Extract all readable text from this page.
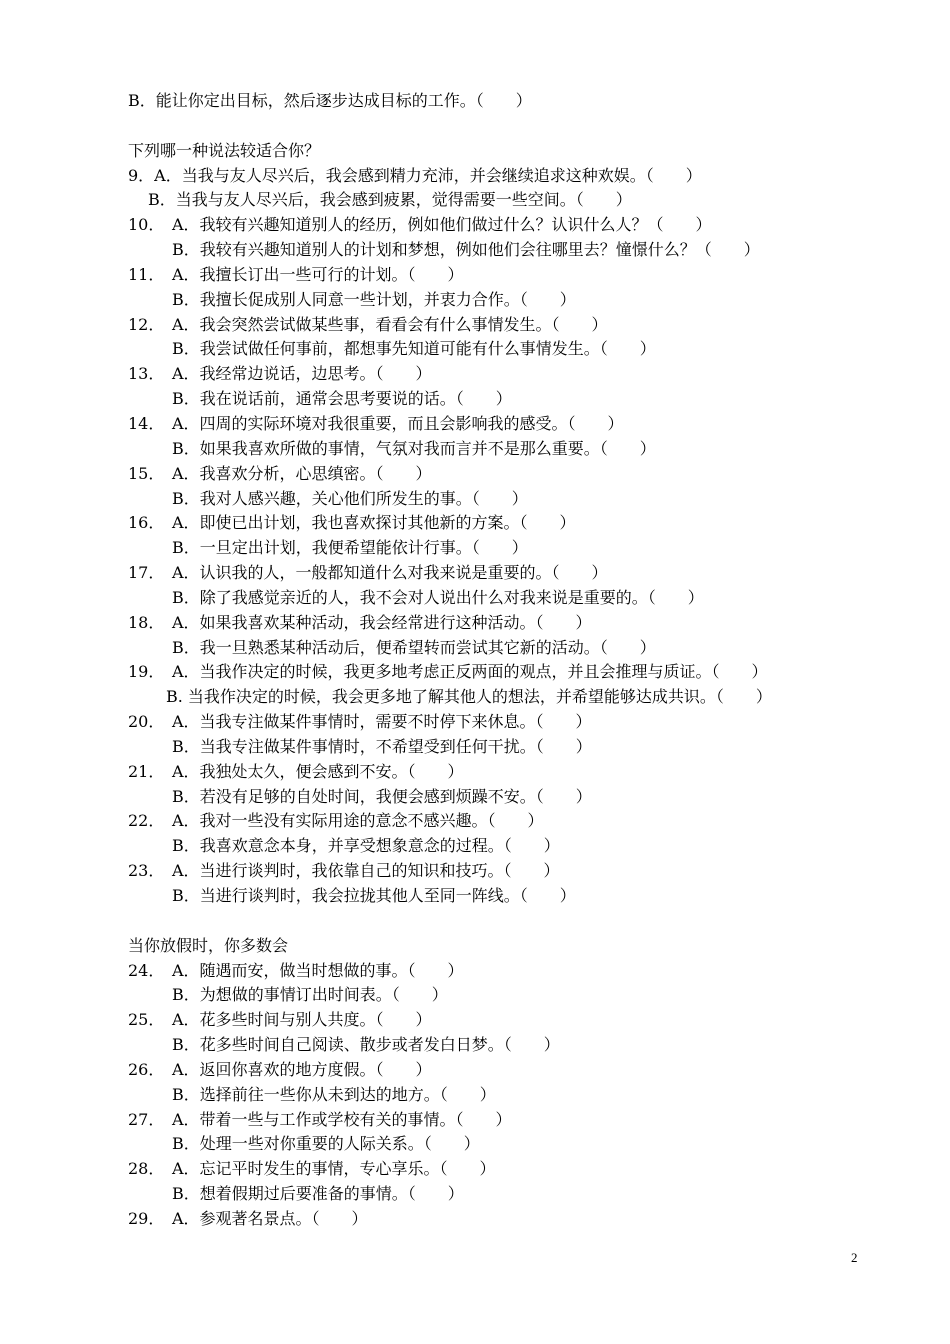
B．能让你定出目标，然后逐步达成目标的工作。（　　）
下列哪一种说法较适合你？
9．A．当我与友人尽兴后，我会感到精力充沛，并会继续追求这种欢娱。（　　）
B．当我与友人尽兴后，我会感到疲累，觉得需要一些空间。（　　）
10． A．我较有兴趣知道别人的经历，例如他们做过什么？认识什么人？（　　）
B．我较有兴趣知道别人的计划和梦想，例如他们会往哪里去？憧憬什么？（　　）
11． A．我擅长订出一些可行的计划。（　　）
B．我擅长促成别人同意一些计划，并衷力合作。（　　）
12． A．我会突然尝试做某些事，看看会有什么事情发生。（　　）
B．我尝试做任何事前，都想事先知道可能有什么事情发生。（　　）
13． A．我经常边说话，边思考。（　　）
B．我在说话前，通常会思考要说的话。（　　）
14． A．四周的实际环境对我很重要，而且会影响我的感受。（　　）
B．如果我喜欢所做的事情，气氛对我而言并不是那么重要。（　　）
15． A．我喜欢分析，心思缜密。（　　）
B．我对人感兴趣，关心他们所发生的事。（　　）
16． A．即使已出计划，我也喜欢探讨其他新的方案。（　　）
B．一旦定出计划，我便希望能依计行事。（　　）
17． A．认识我的人，一般都知道什么对我来说是重要的。（　　）
B．除了我感觉亲近的人，我不会对人说出什么对我来说是重要的。（　　）
18． A．如果我喜欢某种活动，我会经常进行这种活动。（　　）
B．我一旦熟悉某种活动后，便希望转而尝试其它新的活动。（　　）
19． A．当我作决定的时候，我更多地考虑正反两面的观点，并且会推理与质证。（　　）
B. 当我作决定的时候，我会更多地了解其他人的想法，并希望能够达成共识。（　　）
20． A．当我专注做某件事情时，需要不时停下来休息。（　　）
B．当我专注做某件事情时，不希望受到任何干扰。（　　）
21． A．我独处太久，便会感到不安。（　　）
B．若没有足够的自处时间，我便会感到烦躁不安。（　　）
22． A．我对一些没有实际用途的意念不感兴趣。（　　）
B．我喜欢意念本身，并享受想象意念的过程。（　　）
23． A．当进行谈判时，我依靠自己的知识和技巧。（　　）
B．当进行谈判时，我会拉拢其他人至同一阵线。（　　）
当你放假时，你多数会
24． A．随遇而安，做当时想做的事。（　　）
B．为想做的事情订出时间表。（　　）
25． A．花多些时间与别人共度。（　　）
B．花多些时间自己阅读、散步或者发白日梦。（　　）
26． A．返回你喜欢的地方度假。（　　）
B．选择前往一些你从未到达的地方。（　　）
27． A．带着一些与工作或学校有关的事情。（　　）
B．处理一些对你重要的人际关系。（　　）
28． A．忘记平时发生的事情，专心享乐。（　　）
B．想着假期过后要准备的事情。（　　）
29． A．参观著名景点。（　　）
2
